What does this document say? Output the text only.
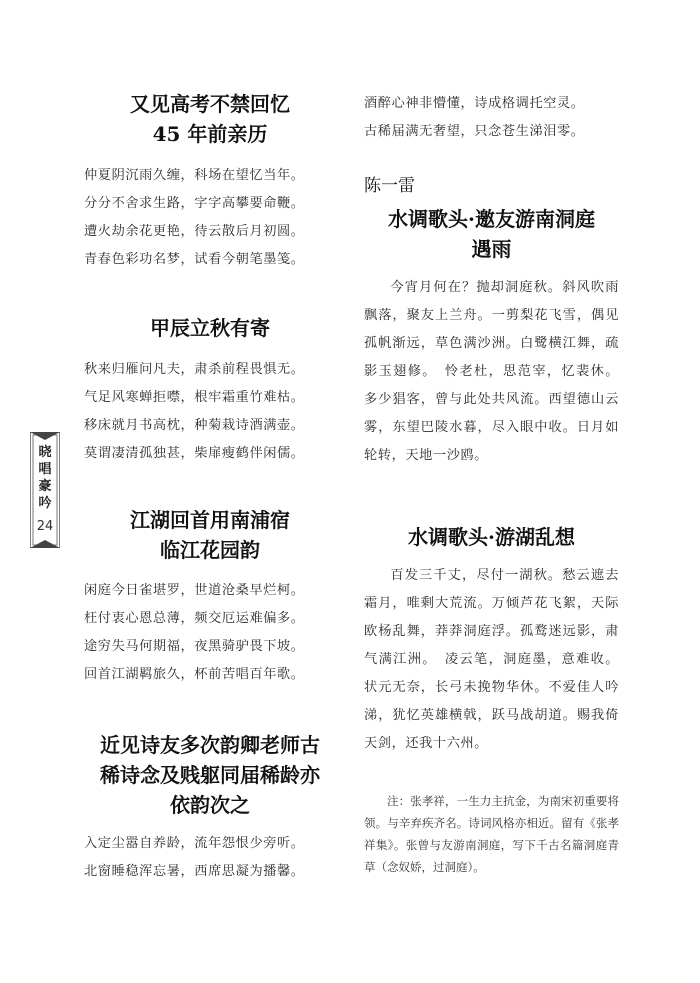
又见高考不禁回忆
45 年前亲历
仲夏阴沉雨久缠，科场在望忆当年。
分分不舍求生路，字字高攀要命鞭。
遭火劫余花更艳，待云散后月初圆。
青春色彩功名梦，试看今朝笔墨笺。
甲辰立秋有寄
秋来归雁问凡夫，肃杀前程畏惧无。
气足风寒蝉拒噤，根牢霜重竹难枯。
移床就月书高枕，种菊栽诗酒满壶。
莫谓凄清孤独甚，柴扉瘦鹤伴闲儒。
江湖回首用南浦宿
临江花园韵
闲庭今日雀堪罗，世道沧桑早烂柯。
枉付衷心恩总薄，频交厄运难偏多。
途穷失马何期福，夜黑骑驴畏下坡。
回首江湖羁旅久，杯前苦唱百年歌。
近见诗友多次韵卿老师古
稀诗念及贱躯同届稀龄亦
依韵次之
入定尘嚣自养龄，流年怨恨少旁听。
北窗睡稳浑忘暑，西席思凝为播馨。
酒醉心神非懵懂，诗成格调托空灵。
古稀届满无奢望，只念苍生涕泪零。
陈一雷
水调歌头·邀友游南洞庭
遇雨
今宵月何在？抛却洞庭秋。斜风吹雨飘落，聚友上兰舟。一剪梨花飞雪，偶见孤帆渐远，草色满沙洲。白鹭横江舞，疏影玉翅修。　怜老杜，思范宰，忆裴休。多少猖客，曾与此处共风流。西望德山云雾，东望巴陵水暮，尽入眼中收。日月如轮转，天地一沙鸥。
水调歌头·游湖乱想
百发三千丈，尽付一湖秋。愁云遮去霜月，唯剩大荒流。万倾芦花飞絮，天际欧杨乱舞，莽莽洞庭浮。孤鹜迷远影，肃气满江洲。　凌云笔，洞庭墨，意难收。状元无奈，长弓未挽物华休。不爱佳人吟涕，犹忆英雄横戟，跃马战胡道。赐我倚天剑，还我十六州。
注：张孝祥，一生力主抗金，为南宋初重要将领。与辛弃疾齐名。诗词风格亦相近。留有《张孝祥集》。张曾与友游南洞庭，写下千古名篇洞庭青草（念奴娇，过洞庭）。
晓唱豪吟
24
